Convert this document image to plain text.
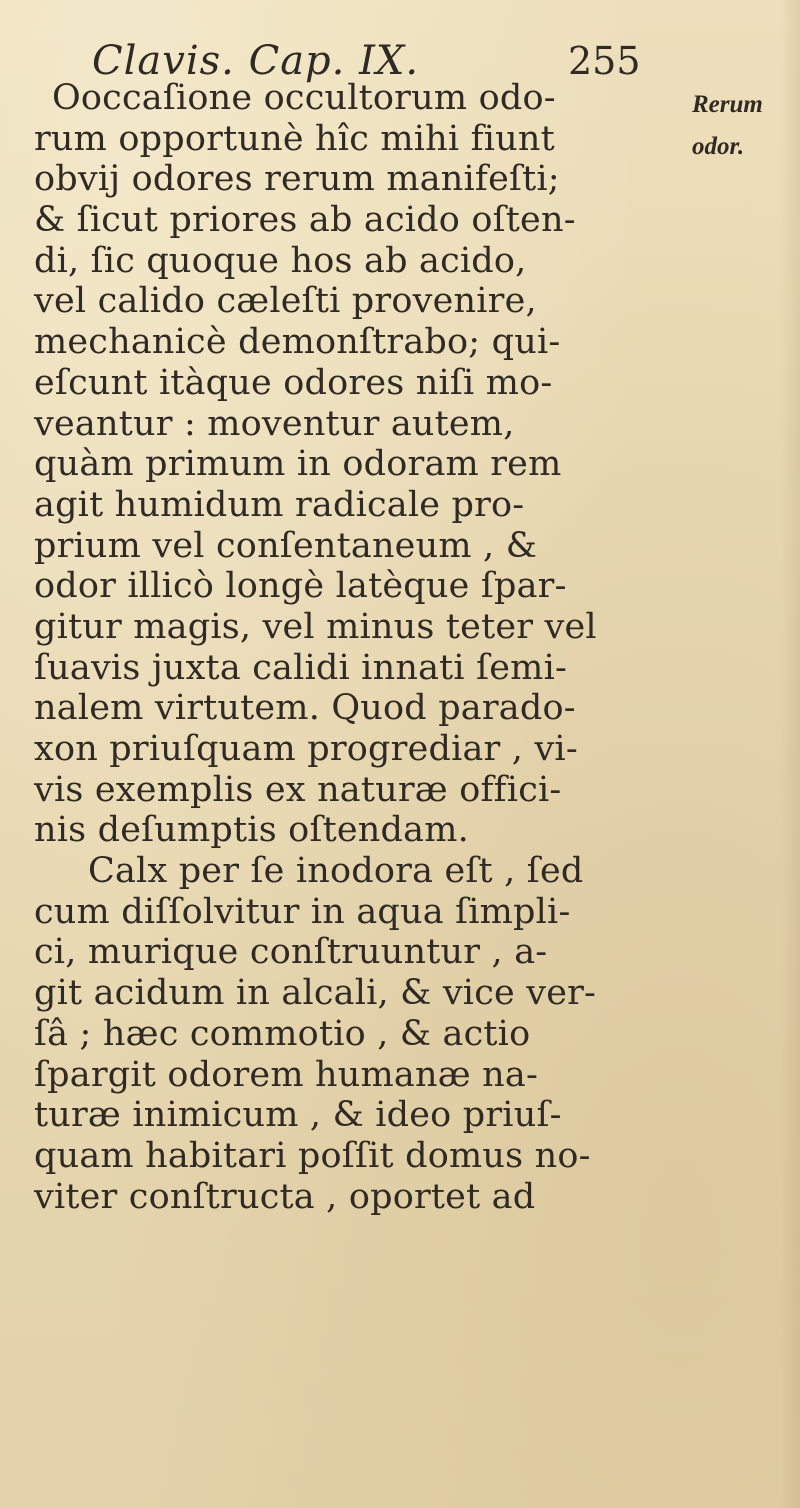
Clavis. Cap. IX.	255
Rerum
odor.
Ooccaſione occultorum odo-
rum opportunè hîc mihi fiunt
obvij odores rerum manifeſti;
& ſicut priores ab acido oſten-
di, ſic quoque hos ab acido,
vel calido cæleſti provenire,
mechanicè demonſtrabo; qui-
eſcunt itàque odores niſi mo-
veantur : moventur autem,
quàm primum in odoram rem
agit humidum radicale pro-
prium vel conſentaneum , &
odor illicò longè latèque ſpar-
gitur magis, vel minus teter vel
ſuavis juxta calidi innati ſemi-
nalem virtutem. Quod parado-
xon priuſquam progrediar , vi-
vis exemplis ex naturæ offici-
nis deſumptis oſtendam.
Calx per ſe inodora eſt , ſed
cum diſſolvitur in aqua ſimpli-
ci, murique conſtruuntur , a-
git acidum in alcali, & vice ver-
ſâ ; hæc commotio , & actio
ſpargit odorem humanæ na-
turæ inimicum , & ideo priuſ-
quam habitari poſſit domus no-
viter conſtructa , oportet ad
